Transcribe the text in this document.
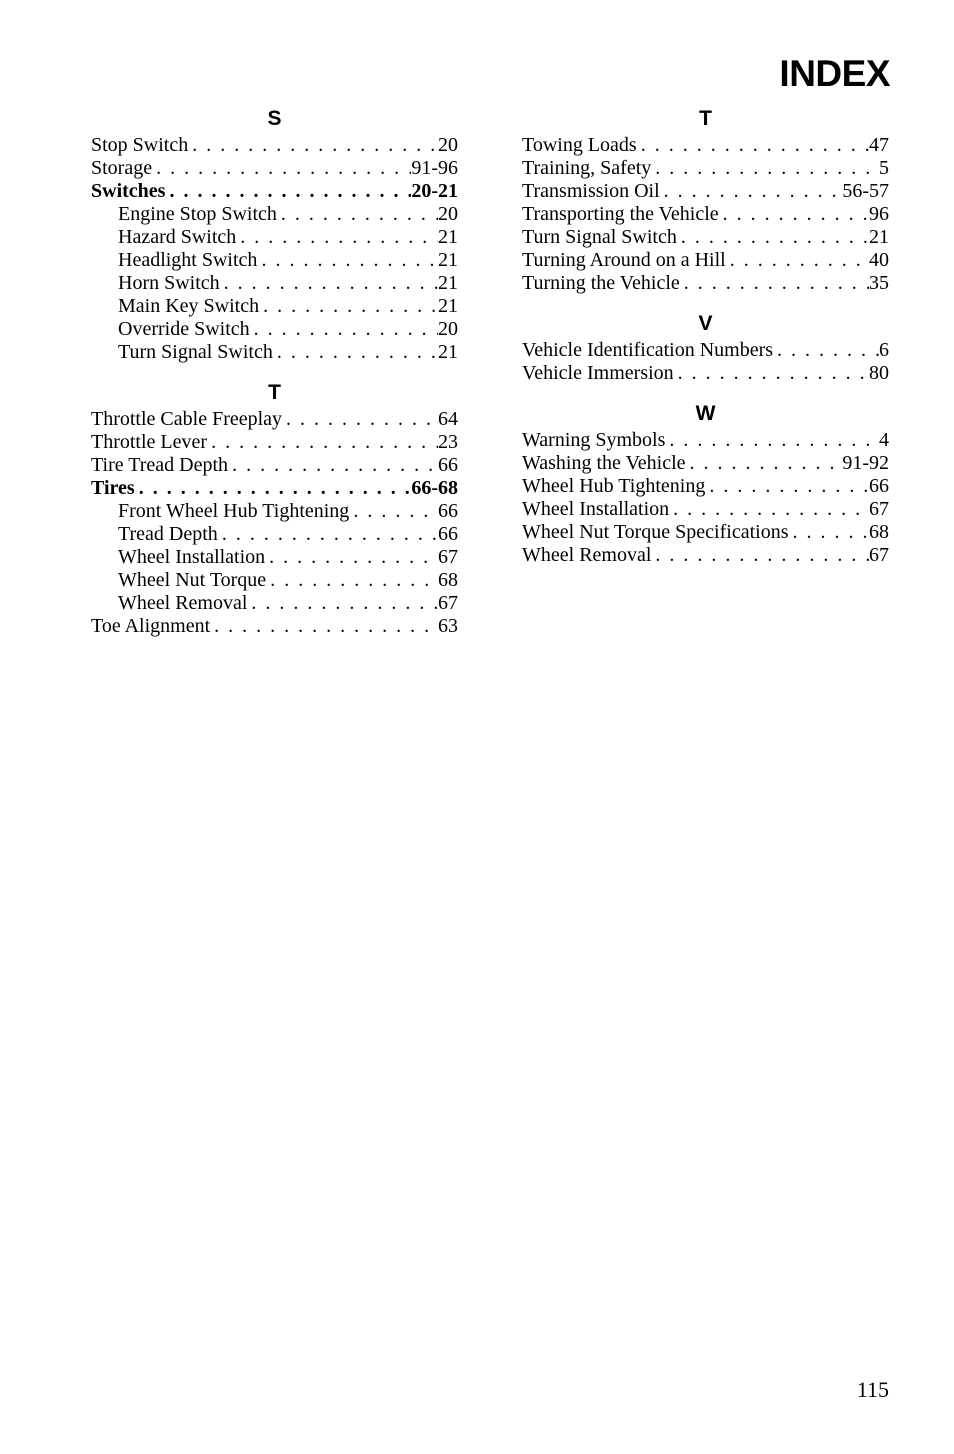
INDEX
S
Stop Switch . . .	20
Storage . . .	91-96
Switches . . .	20-21
Engine Stop Switch . . .	20
Hazard Switch . . .	21
Headlight Switch . . .	21
Horn Switch . . .	21
Main Key Switch . . .	21
Override Switch . . .	20
Turn Signal Switch . . .	21
T
Throttle Cable Freeplay . . .	64
Throttle Lever . . .	23
Tire Tread Depth . . .	66
Tires . . .	66-68
Front Wheel Hub Tightening . . .	66
Tread Depth . . .	66
Wheel Installation . . .	67
Wheel Nut Torque . . .	68
Wheel Removal . . .	67
Toe Alignment . . .	63
T
Towing Loads . . .	47
Training, Safety . . .	5
Transmission Oil . . .	56-57
Transporting the Vehicle . . .	96
Turn Signal Switch . . .	21
Turning Around on a Hill . . .	40
Turning the Vehicle . . .	35
V
Vehicle Identification Numbers . . .	6
Vehicle Immersion . . .	80
W
Warning Symbols . . .	4
Washing the Vehicle . . .	91-92
Wheel Hub Tightening . . .	66
Wheel Installation . . .	67
Wheel Nut Torque Specifications . . .	68
Wheel Removal . . .	67
115
